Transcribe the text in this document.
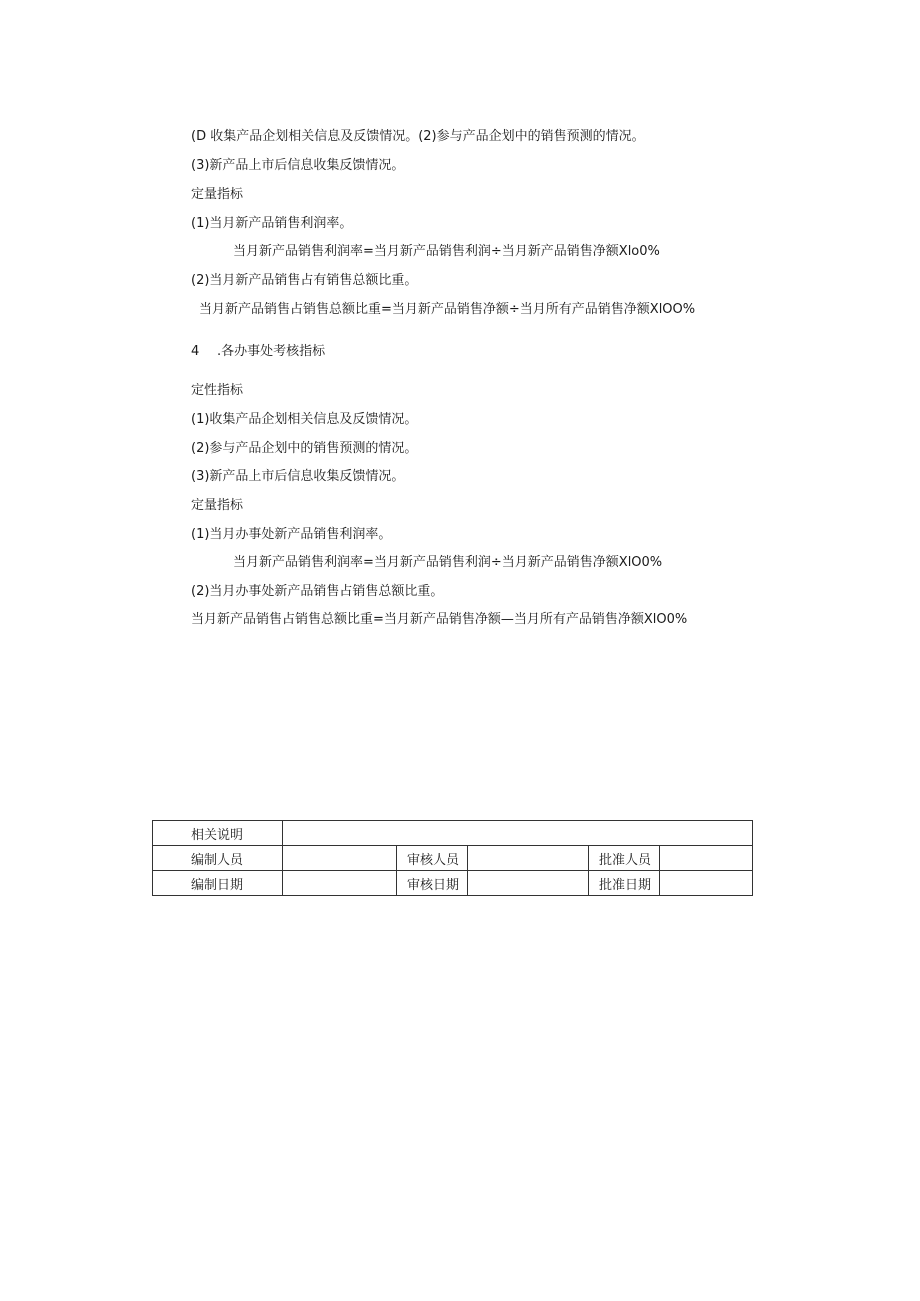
(D 收集产品企划相关信息及反馈情况。(2)参与产品企划中的销售预测的情况。
(3)新产品上市后信息收集反馈情况。
定量指标
(1)当月新产品销售利润率。
当月新产品销售利润率=当月新产品销售利润÷当月新产品销售净额Xlo0%
(2)当月新产品销售占有销售总额比重。
当月新产品销售占销售总额比重=当月新产品销售净额÷当月所有产品销售净额XlOO%
4 .各办事处考核指标
定性指标
(1)收集产品企划相关信息及反馈情况。
(2)参与产品企划中的销售预测的情况。
(3)新产品上市后信息收集反馈情况。
定量指标
(1)当月办事处新产品销售利润率。
当月新产品销售利润率=当月新产品销售利润÷当月新产品销售净额XlO0%
(2)当月办事处新产品销售占销售总额比重。
当月新产品销售占销售总额比重=当月新产品销售净额—当月所有产品销售净额XlO0%
相关说明					
编制人员		审核人员		批准人员	
编制日期		审核日期		批准日期	
